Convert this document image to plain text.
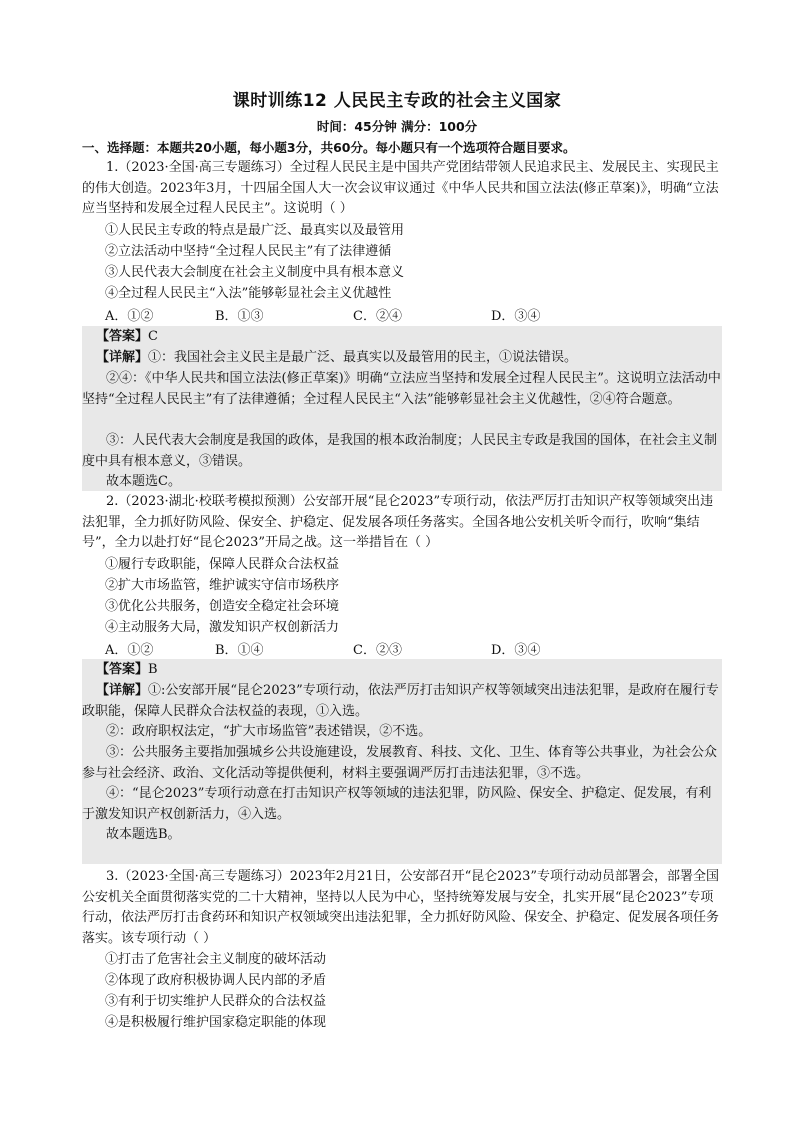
课时训练12 人民民主专政的社会主义国家
时间：45分钟 满分：100分
一、选择题：本题共20小题，每小题3分，共60分。每小题只有一个选项符合题目要求。
1.（2023·全国·高三专题练习）全过程人民民主是中国共产党团结带领人民追求民主、发展民主、实现民主的伟大创造。2023年3月，十四届全国人大一次会议审议通过《中华人民共和国立法法(修正草案)》，明确“立法应当坚持和发展全过程人民民主”。这说明（ ）
①人民民主专政的特点是最广泛、最真实以及最管用
②立法活动中坚持“全过程人民民主”有了法律遵循
③人民代表大会制度在社会主义制度中具有根本意义
④全过程人民民主“入法”能够彰显社会主义优越性
A．①②	B．①③	C．②④	D．③④
【答案】C
【详解】①：我国社会主义民主是最广泛、最真实以及最管用的民主，①说法错误。
②④：《中华人民共和国立法法(修正草案)》明确“立法应当坚持和发展全过程人民民主”。这说明立法活动中坚持“全过程人民民主”有了法律遵循；全过程人民民主“入法”能够彰显社会主义优越性，②④符合题意。
③：人民代表大会制度是我国的政体，是我国的根本政治制度；人民民主专政是我国的国体，在社会主义制度中具有根本意义，③错误。
故本题选C。
2.（2023·湖北·校联考模拟预测）公安部开展“昆仑2023”专项行动，依法严厉打击知识产权等领域突出违法犯罪，全力抓好防风险、保安全、护稳定、促发展各项任务落实。全国各地公安机关听令而行，吹响“集结号”，全力以赴打好“昆仑2023”开局之战。这一举措旨在（ ）
①履行专政职能，保障人民群众合法权益
②扩大市场监管，维护诚实守信市场秩序
③优化公共服务，创造安全稳定社会环境
④主动服务大局，激发知识产权创新活力
A．①②	B．①④	C．②③	D．③④
【答案】B
【详解】①:公安部开展“昆仑2023”专项行动，依法严厉打击知识产权等领域突出违法犯罪，是政府在履行专政职能，保障人民群众合法权益的表现，①入选。
②：政府职权法定，“扩大市场监管”表述错误，②不选。
③：公共服务主要指加强城乡公共设施建设，发展教育、科技、文化、卫生、体育等公共事业，为社会公众参与社会经济、政治、文化活动等提供便利，材料主要强调严厉打击违法犯罪，③不选。
④：“昆仑2023”专项行动意在打击知识产权等领域的违法犯罪，防风险、保安全、护稳定、促发展，有利于激发知识产权创新活力，④入选。
故本题选B。
3.（2023·全国·高三专题练习）2023年2月21日，公安部召开“昆仑2023”专项行动动员部署会，部署全国公安机关全面贯彻落实党的二十大精神，坚持以人民为中心，坚持统筹发展与安全，扎实开展“昆仑2023”专项行动，依法严厉打击食药环和知识产权领域突出违法犯罪，全力抓好防风险、保安全、护稳定、促发展各项任务落实。该专项行动（ ）
①打击了危害社会主义制度的破坏活动
②体现了政府积极协调人民内部的矛盾
③有利于切实维护人民群众的合法权益
④是积极履行维护国家稳定职能的体现
